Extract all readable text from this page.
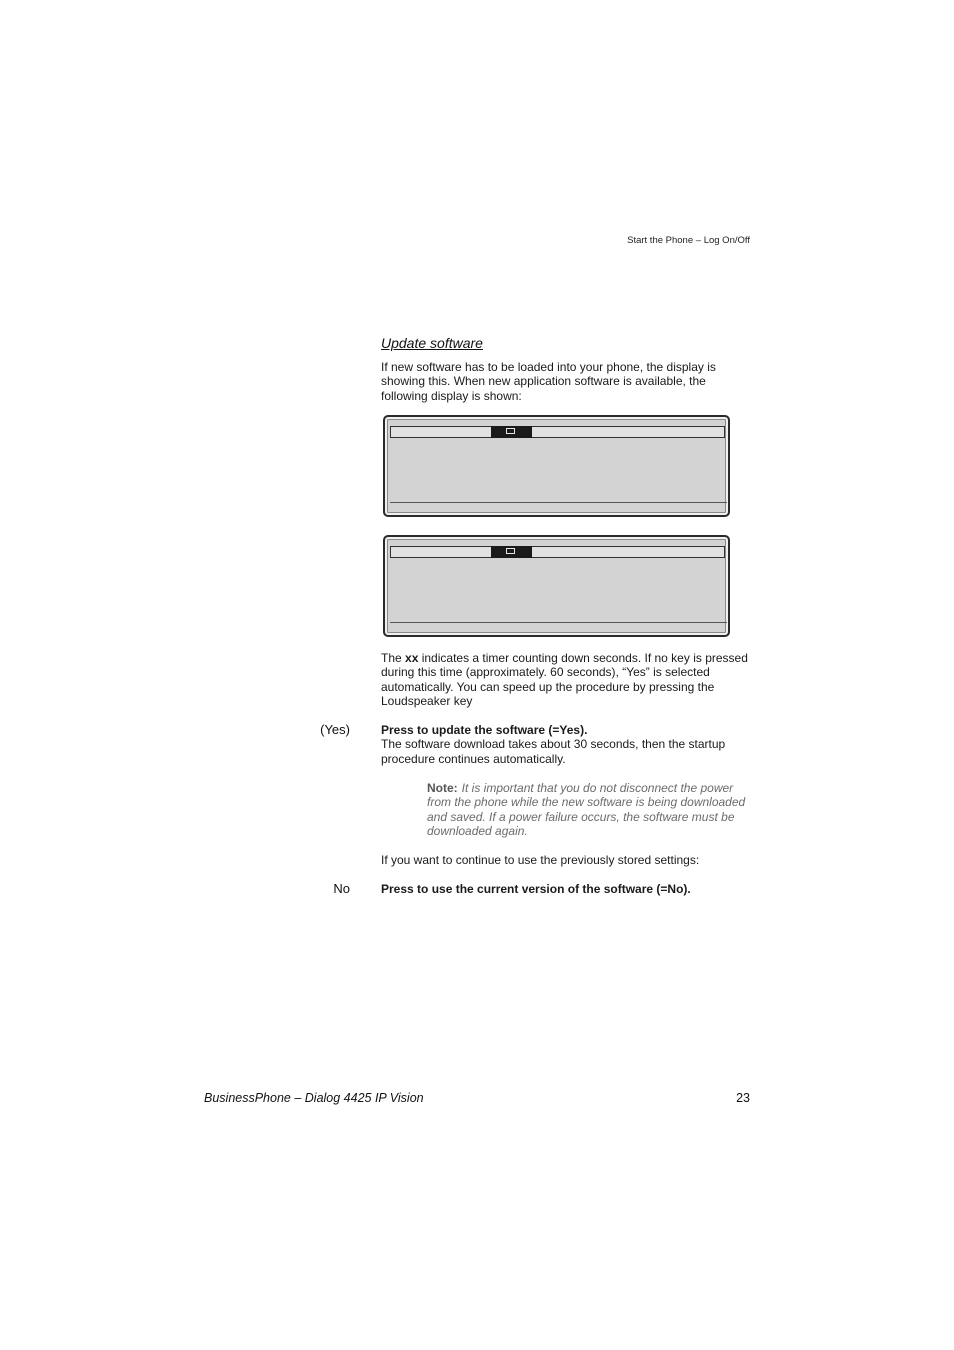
Start the Phone – Log On/Off
Update software
If new software has to be loaded into your phone, the display is showing this. When new application software is available, the following display is shown:
The xx indicates a timer counting down seconds. If no key is pressed during this time (approximately. 60 seconds), “Yes” is selected automatically. You can speed up the procedure by pressing the Loudspeaker key
(Yes)	Press to update the software (=Yes).
The software download takes about 30 seconds, then the startup procedure continues automatically.
Note: It is important that you do not disconnect the power from the phone while the new software is being downloaded and saved. If a power failure occurs, the software must be downloaded again.
If you want to continue to use the previously stored settings:
No	Press to use the current version of the software (=No).
BusinessPhone – Dialog 4425 IP Vision	23
